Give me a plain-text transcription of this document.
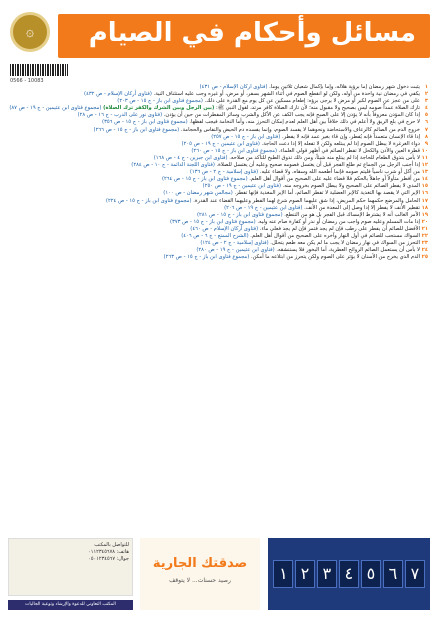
۞	مسائل وأحكام في الصيام
0566 - 10083

١
يثبت دخول شهر رمضان إما برؤية هلاله، وإما بإكمال شعبان ثلاثين يوماً. (فتاوى أركان الإسلام - ص ٤٣١)

٢
يكفي في رمضان نية واحدة من أوله، ولكن لو انقطع الصوم في أثناء الشهر بسفر، أو مرض، أو غيره وجب عليه استئناف النية. (فتاوى أركان الإسلام - ص ٤٣٢)

٣
على من عجز عن الصوم لكبر أو مرض لا يرجى برؤه: إطعام مسكين عن كل يوم مع القدرة على ذلك. (مجموع فتاوى ابن باز - ج ١٥ - ص ٢٠٣)

٤
تارك الصلاة عمداً صومه ليس بصحيح ولا مقبول منه؛ لأن تارك الصلاة كافر مرتد، لقول النبي ﷺ: (بين الرجل وبين الشرك والكفر ترك الصلاة) (مجموع فتاوى ابن عثيمين - ج ١٩ - ص ٨٧)

٥
إذا كان المؤذن معروفاً بأنه لا يؤذن إلا على الصبح فإنه يجب الكف عن الأكل والشرب وسائر المفطرات من حين أن يؤذن. (فتاوى نور على الدرب - ج ١٦ - ص ٢٨)

٦
لا حرج في بلع الريق ولا أعلم في ذلك خلافاً بين أهل العلم لعدم إمكان التحرز منه، وأما النخامة فيجب لفظها. (مجموع فتاوى ابن باز - ج ١٥ - ص ٣٥٦)

٧
خروج الدم من الصائم كالرعاف والاستحاضة ونحوهما لا يفسد الصوم، وإنما يفسده دم الحيض والنفاس والحجامة. (مجموع فتاوى ابن باز - ج ١٥ - ص ٢٦٦)

٨
إذا قاء الإنسان متعمداً فإنه يُفطر، وإن قاء بغير عمد فإنه لا يفطر. (فتاوى ابن باز - ج ١٥ - ص ٢٥٧)

٩
دواء الغرغرة لا يبطل الصوم إذا لم يبتلعه ولكن لا تفعله إلا إذا دعت الحاجة. (فتاوى ابن عثيمين - ج ١٩ - ص ٢٠٥)

١٠
قطرة العين والأذن والكحل لا تفطر الصائم في أظهر قولي العلماء. (مجموع فتاوى ابن باز - ج ١٥ - ص ٢٦٠)

١١
لا بأس بتذوق الطعام للحاجة إذا لم يبتلع منه شيئاً، ومن ذلك تذوق الطبخ للتأكد من صلاحه. (فتاوى ابن جبرين - ج ٤ - ص ١٦٨)

١٢
إذا أجنب الرجل من الجماع ثم طلع الفجر قبل أن يغتسل فصومه صحيح وعليه أن يغتسل للصلاة. (فتاوى اللجنة الدائمة - ج ١٠ - ص ٢٨٤)

١٣
من أكل أو شرب ناسياً فليتم صومه فإنما أطعمه الله وسقاه، ولا قضاء عليه. (فتاوى إسلامية - ج ٢ - ص ١٣٦)

١٤
من أفطر متأولاً أو جاهلاً بالحكم فلا قضاء عليه على الصحيح من أقوال أهل العلم. (مجموع فتاوى ابن باز - ج ١٥ - ص ٢٦٤)

١٥
المذي لا يفطر الصائم على الصحيح ولا يبطل الصوم بخروجه منه. (فتاوى ابن عثيمين - ج ١٩ - ص ٢٥٠)

١٦
الإبر التي لا يقصد بها التغذية كالإبر العضلية لا تفطر الصائم، أما الإبر المغذية فإنها تفطر. (مجالس شهر رمضان - ص ١٠٠)

١٧
الحامل والمرضع حكمهما حكم المريض، إذا شق عليهما الصوم شرع لهما الفطر وعليهما القضاء عند القدرة. (مجموع فتاوى ابن باز - ج ١٥ - ص ٢٢٤)

١٨
تقطير الأنف لا يفطر إلا إذا وصل إلى المعدة من الأنف. (فتاوى ابن عثيمين - ج ١٩ - ص ٢٠٦)

١٩
الأمر الغالب أنه لا يشترط الإمساك قبل الفجر بل هو من التنطع. (مجموع فتاوى ابن باز - ج ١٥ - ص ٢٨١)

٢٠
إذا مات المسلم وعليه صوم واجب من رمضان أو نذر أو كفارة صام عنه وليه. (مجموع فتاوى ابن باز - ج ١٥ - ص ٣٧٣)

٢١
الأفضل للصائم أن يفطر على رطب فإن لم يجد فتمر فإن لم يجد فعلى ماء. (فتاوى أركان الإسلام - ص ٤٦٠)

٢٢
السواك مستحب للصائم في أول النهار وآخره على الصحيح من أقوال أهل العلم. (الشرح الممتع - ج ٦ - ص ٤٠٦)

٢٣
التحرز من السواك في نهار رمضان لا يجب ما لم يكن معه طعم يتحلل. (فتاوى إسلامية - ج ٢ - ص ١٢٤)

٢٤
لا بأس أن يستعمل الصائم الروائح العطرية، أما البخور فلا يستنشقه. (فتاوى ابن عثيمين - ج ١٩ - ص ٢٨٠)

٢٥
الدم الذي يخرج من الأسنان لا يؤثر على الصوم ولكن يتحرز من ابتلاعه ما أمكن. (مجموع فتاوى ابن باز - ج ١٥ - ص ٢٦٣)

للتواصل بالمكتب
هاتف: ٠١١٢٣٤٥٦٧٨
جوال: ٠٥٠١٢٣٤٥٦٧
المكتب التعاوني للدعوة والإرشاد وتوعية الجاليات
صدقتك الجارية
رصيد حسنات... لا يتوقف	١ ٢ ٣ ٤ ٥ ٦ ٧
